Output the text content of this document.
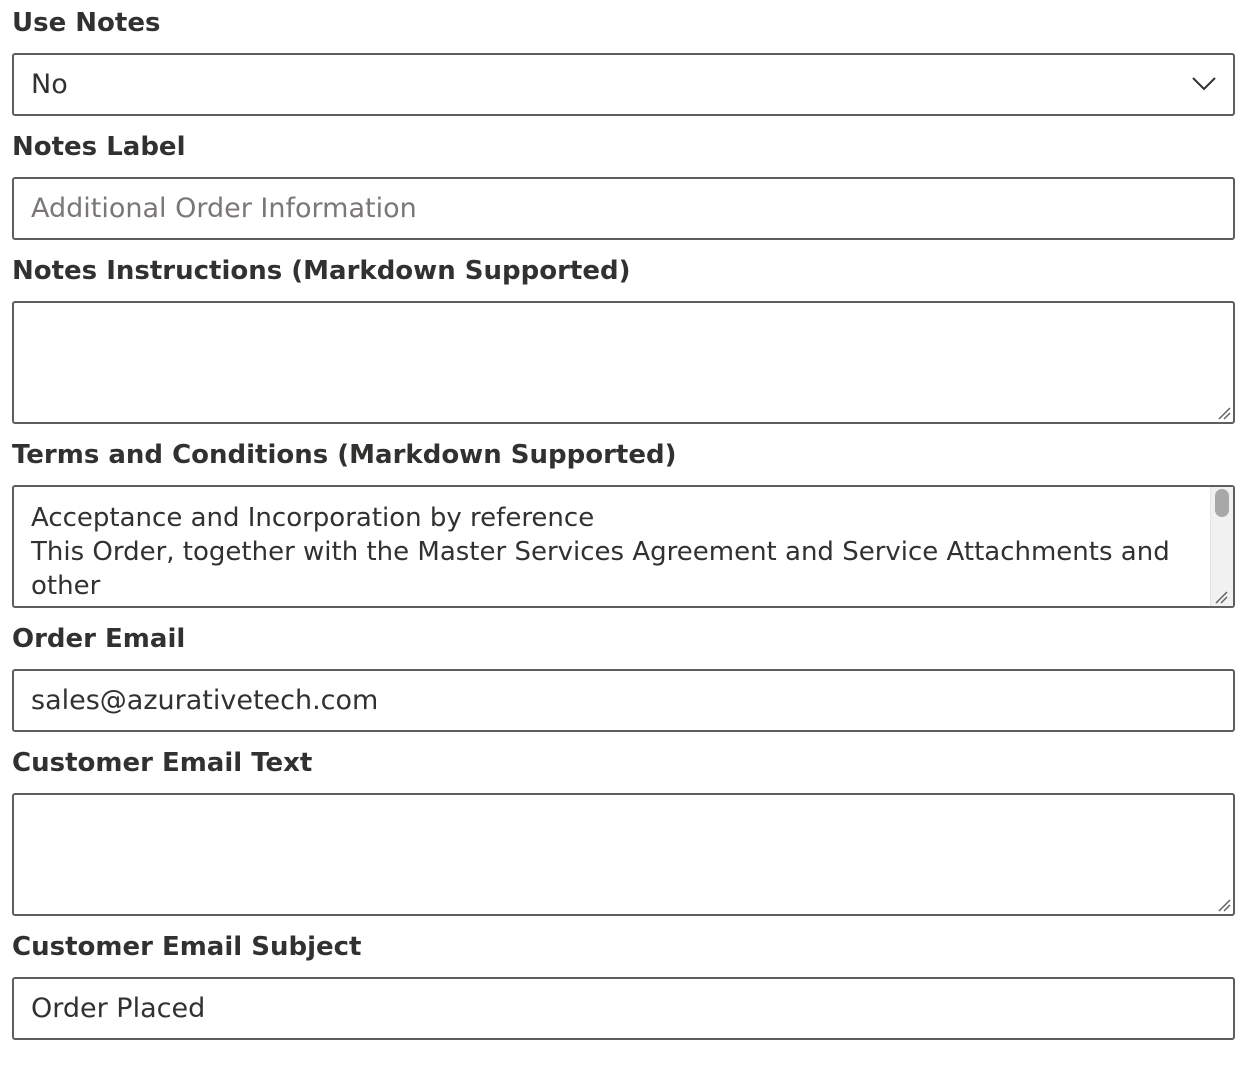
Use Notes
No
Notes Label
Additional Order Information
Notes Instructions (Markdown Supported)
Terms and Conditions (Markdown Supported)
Acceptance and Incorporation by reference
This Order, together with the Master Services Agreement and Service Attachments and other

Order Email
sales@azurativetech.com
Customer Email Text
Customer Email Subject
Order Placed
